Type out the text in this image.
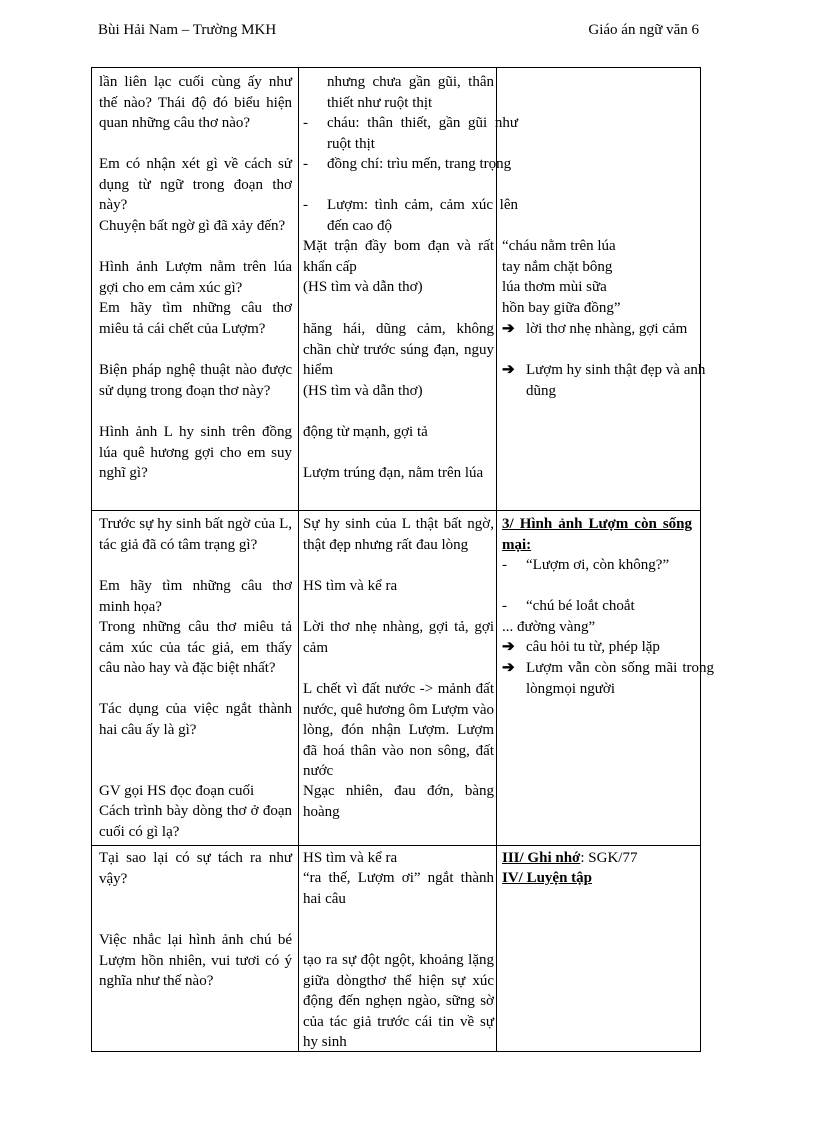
Bùi Hải Nam – Trường MKH	Giáo án ngữ văn 6
lần liên lạc cuối cùng ấy như thế nào? Thái độ đó biểu hiện quan những câu thơ nào?
Em có nhận xét gì về cách sử dụng từ ngữ trong đoạn thơ này?
Chuyện bất ngờ gì đã xảy đến?
Hình ảnh Lượm nằm trên lúa gợi cho em cảm xúc gì?
Em hãy tìm những câu thơ miêu tả cái chết của Lượm?
Biện pháp nghệ thuật nào được sử dụng trong đoạn thơ này?
Hình ảnh L hy sinh trên đồng lúa quê hương gợi cho em suy nghĩ gì?
Trước sự hy sinh bất ngờ của L, tác giả đã có tâm trạng gì?
Em hãy tìm những câu thơ minh họa?
Trong những câu thơ miêu tả cảm xúc của tác giả, em thấy câu nào hay và đặc biệt nhất?
Tác dụng của việc ngắt thành hai câu ấy là gì?
GV gọi HS đọc đoạn cuối
Cách trình bày dòng thơ ở đoạn cuối có gì lạ?
Tại sao lại có sự tách ra như vậy?
Việc nhắc lại hình ảnh chú bé Lượm hồn nhiên, vui tươi có ý nghĩa như thế nào?
nhưng chưa gần gũi, thân thiết như ruột thịt
- cháu: thân thiết, gần gũi như ruột thịt
- đồng chí: trìu mến, trang trọng
- Lượm: tình cảm, cảm xúc lên đến cao độ
Mặt trận đầy bom đạn và rất khẩn cấp
(HS tìm và dẫn thơ)
hăng hái, dũng cảm, không chần chừ trước súng đạn, nguy hiểm
(HS tìm và dẫn thơ)
động từ mạnh, gợi tả
Lượm trúng đạn, nằm trên lúa
Sự hy sinh của L thật bất ngờ, thật đẹp nhưng rất đau lòng
HS tìm và kể ra
Lời thơ nhẹ nhàng, gợi tả, gợi cảm
L chết vì đất nước -> mảnh đất nước, quê hương ôm Lượm vào lòng, đón nhận Lượm. Lượm đã hoá thân vào non sông, đất nước
Ngạc nhiên, đau đớn, bàng hoàng
HS tìm và kể ra
“ra thế, Lượm ơi” ngắt thành hai câu
tạo ra sự đột ngột, khoảng lặng giữa dòngthơ thể hiện sự xúc động đến nghẹn ngào, sững sờ của tác giả trước cái tin về sự hy sinh
“cháu nằm trên lúa
tay nắm chặt bông
lúa thơm mùi sữa
hồn bay giữa đồng”
➔ lời thơ nhẹ nhàng, gợi cảm
➔ Lượm hy sinh thật đẹp và anh dũng
3/ Hình ảnh Lượm còn sống mại:
- “Lượm ơi, còn không?”
- “chú bé loắt choắt
... đường vàng”
➔ câu hỏi tu từ, phép lặp
➔ Lượm vẫn còn sống mãi trong lòngmọi người
III/ Ghi nhớ: SGK/77
IV/ Luyện tập
